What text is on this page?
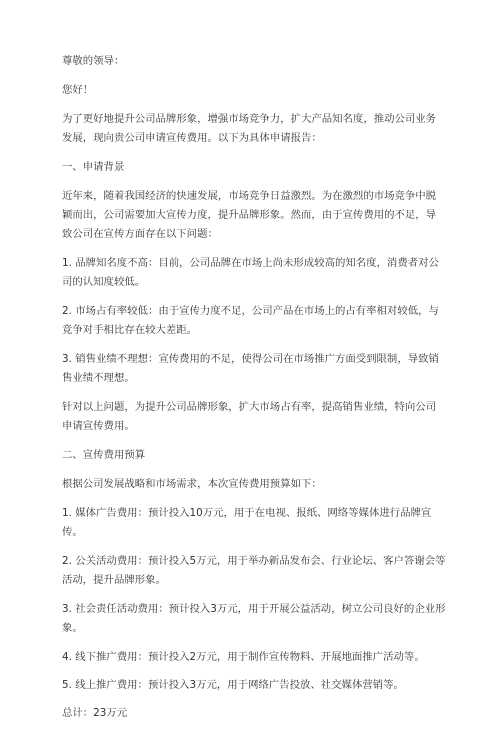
尊敬的领导：

您好！

为了更好地提升公司品牌形象，增强市场竞争力，扩大产品知名度，推动公司业务发展，现向贵公司申请宣传费用。以下为具体申请报告：

一、申请背景

近年来，随着我国经济的快速发展，市场竞争日益激烈。为在激烈的市场竞争中脱颖而出，公司需要加大宣传力度，提升品牌形象。然而，由于宣传费用的不足，导致公司在宣传方面存在以下问题：

1. 品牌知名度不高：目前，公司品牌在市场上尚未形成较高的知名度，消费者对公司的认知度较低。

2. 市场占有率较低：由于宣传力度不足，公司产品在市场上的占有率相对较低，与竞争对手相比存在较大差距。

3. 销售业绩不理想：宣传费用的不足，使得公司在市场推广方面受到限制，导致销售业绩不理想。

针对以上问题，为提升公司品牌形象，扩大市场占有率，提高销售业绩，特向公司申请宣传费用。

二、宣传费用预算

根据公司发展战略和市场需求，本次宣传费用预算如下：

1. 媒体广告费用：预计投入10万元，用于在电视、报纸、网络等媒体进行品牌宣传。

2. 公关活动费用：预计投入5万元，用于举办新品发布会、行业论坛、客户答谢会等活动，提升品牌形象。

3. 社会责任活动费用：预计投入3万元，用于开展公益活动，树立公司良好的企业形象。

4. 线下推广费用：预计投入2万元，用于制作宣传物料、开展地面推广活动等。

5. 线上推广费用：预计投入3万元，用于网络广告投放、社交媒体营销等。

总计：23万元
